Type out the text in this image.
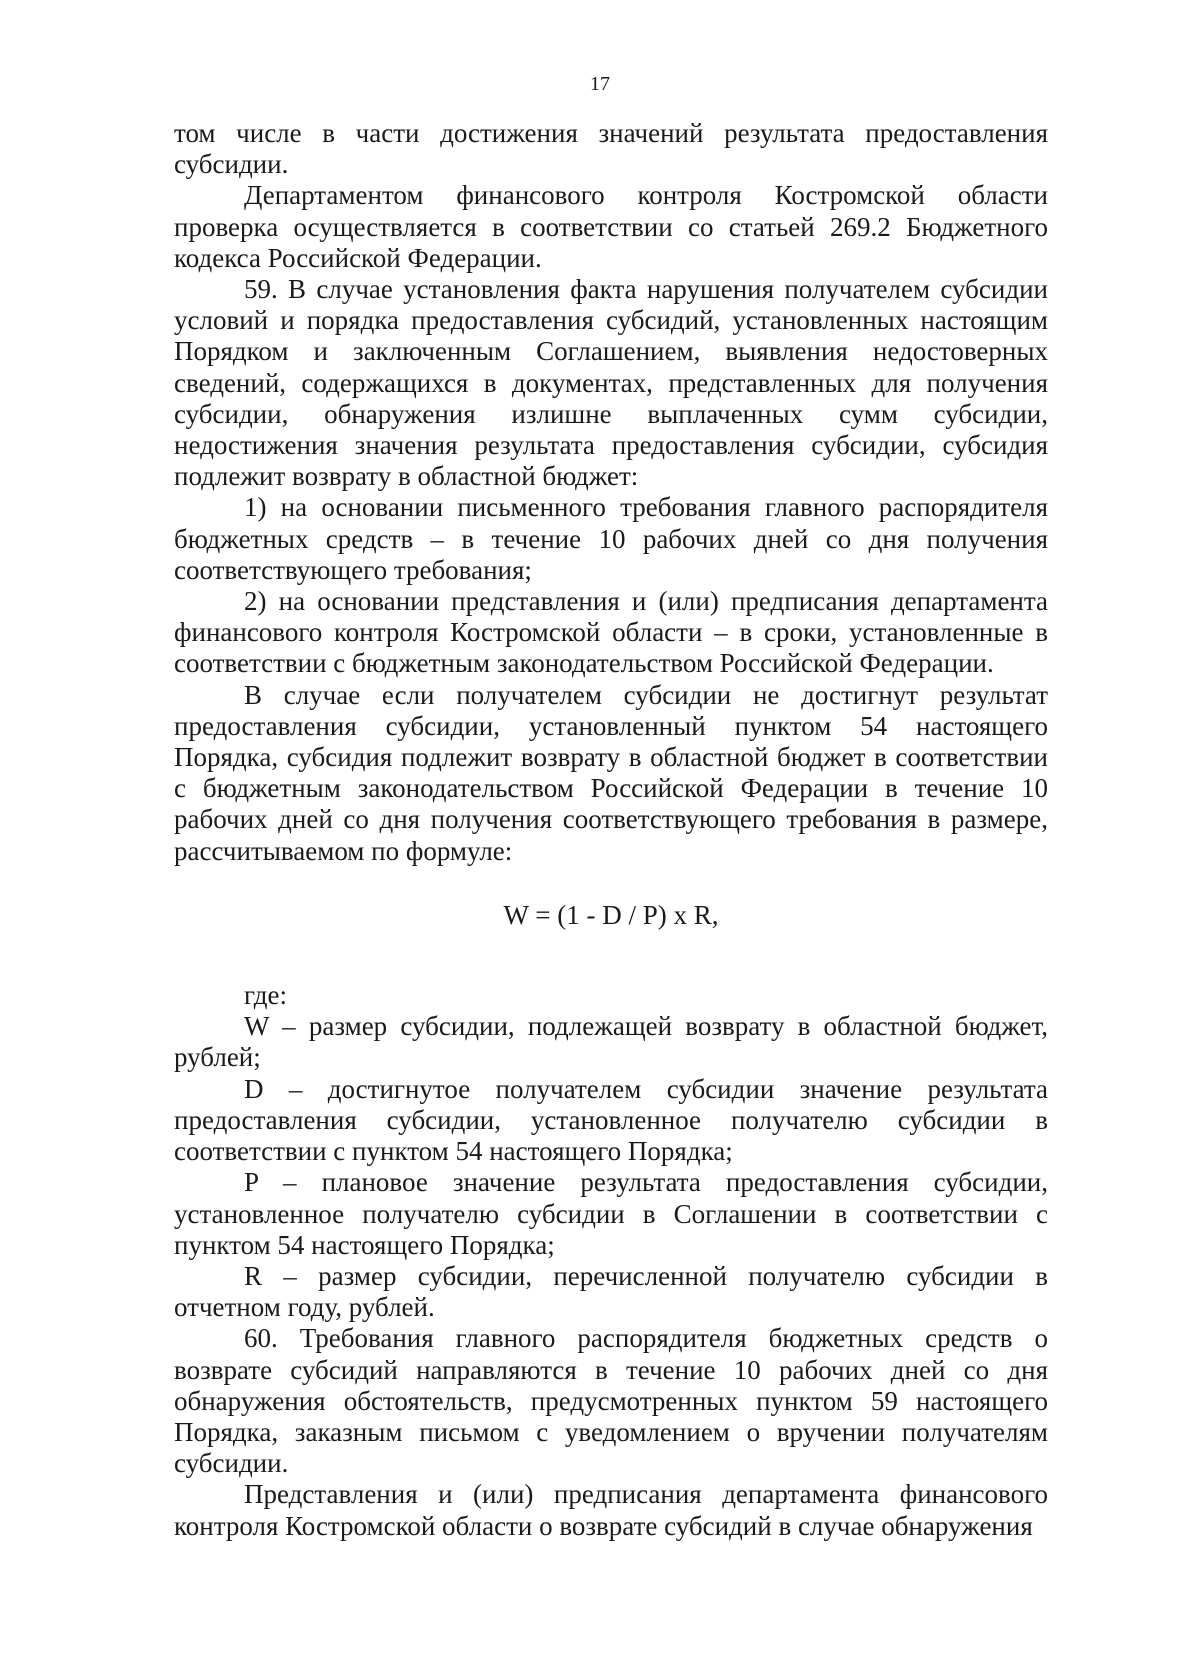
17

том числе в части достижения значений результата предоставления субсидии.

Департаментом финансового контроля Костромской области проверка осуществляется в соответствии со статьей 269.2 Бюджетного кодекса Российской Федерации.

59. В случае установления факта нарушения получателем субсидии условий и порядка предоставления субсидий, установленных настоящим Порядком и заключенным Соглашением, выявления недостоверных сведений, содержащихся в документах, представленных для получения субсидии, обнаружения излишне выплаченных сумм субсидии, недостижения значения результата предоставления субсидии, субсидия подлежит возврату в областной бюджет:

1) на основании письменного требования главного распорядителя бюджетных средств – в течение 10 рабочих дней со дня получения соответствующего требования;

2) на основании представления и (или) предписания департамента финансового контроля Костромской области – в сроки, установленные в соответствии с бюджетным законодательством Российской Федерации.

В случае если получателем субсидии не достигнут результат предоставления субсидии, установленный пунктом 54 настоящего Порядка, субсидия подлежит возврату в областной бюджет в соответствии с бюджетным законодательством Российской Федерации в течение 10 рабочих дней со дня получения соответствующего требования в размере, рассчитываемом по формуле:

W = (1 - D / P) x R,

где:

W – размер субсидии, подлежащей возврату в областной бюджет, рублей;

D – достигнутое получателем субсидии значение результата предоставления субсидии, установленное получателю субсидии в соответствии с пунктом 54 настоящего Порядка;

P – плановое значение результата предоставления субсидии, установленное получателю субсидии в Соглашении в соответствии с пунктом 54 настоящего Порядка;

R – размер субсидии, перечисленной получателю субсидии в отчетном году, рублей.

60. Требования главного распорядителя бюджетных средств о возврате субсидий направляются в течение 10 рабочих дней со дня обнаружения обстоятельств, предусмотренных пунктом 59 настоящего Порядка, заказным письмом с уведомлением о вручении получателям субсидии.

Представления и (или) предписания департамента финансового контроля Костромской области о возврате субсидий в случае обнаружения
